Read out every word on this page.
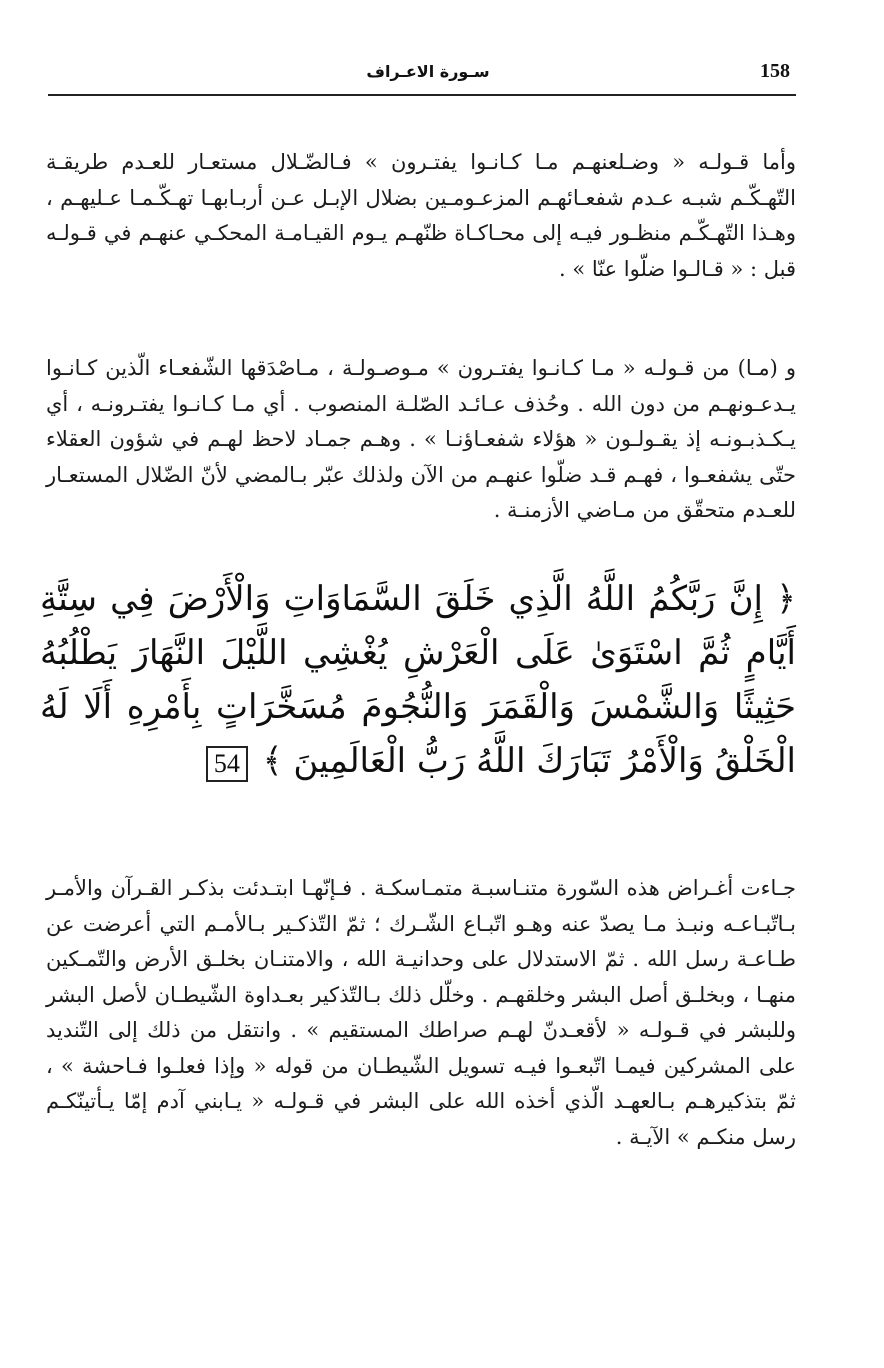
158
سـورة الاعـراف

وأما قـولـه « وضـلعنهـم مـا كـانـوا يفتـرون » فـالضّـلال مستعـار للعـدم طريقـة التّهـكّـم شبـه عـدم شفعـائهـم المزعـومـين بضلال الإبـل عـن أربـابهـا تهـكّـمـا عـليهـم ، وهـذا التّهـكّـم منظـور فيـه إلى محـاكـاة ظنّهـم يـوم القيـامـة المحكـي عنهـم في قـولـه قبل : « قـالـوا ضلّوا عنّا » .

و (مـا) من قـولـه « مـا كـانـوا يفتـرون » مـوصـولـة ، مـاصْدَقها الشّفعـاء الّذين كـانـوا يـدعـونهـم من دون الله . وحُذف عـائـد الصّلـة المنصوب . أي مـا كـانـوا يفتـرونـه ، أي يـكـذبـونـه إذ يقـولـون « هؤلاء شفعـاؤنـا » . وهـم جمـاد لاحظ لهـم في شؤون العقلاء حتّى يشفعـوا ، فهـم قـد ضلّوا عنهـم من الآن ولذلك عبّر بـالمضي لأنّ الضّلال المستعـار للعـدم متحقّق من مـاضي الأزمنـة .

﴿ إِنَّ رَبَّكُمُ اللَّهُ الَّذِي خَلَقَ السَّمَاوَاتِ وَالْأَرْضَ فِي سِتَّةِ أَيَّامٍ ثُمَّ اسْتَوَىٰ عَلَى الْعَرْشِ يُغْشِي اللَّيْلَ النَّهَارَ يَطْلُبُهُ حَثِيثًا وَالشَّمْسَ وَالْقَمَرَ وَالنُّجُومَ مُسَخَّرَاتٍ بِأَمْرِهِ أَلَا لَهُ الْخَلْقُ وَالْأَمْرُ تَبَارَكَ اللَّهُ رَبُّ الْعَالَمِينَ ﴾ 54

جـاءت أغـراض هذه السّورة متنـاسبـة متمـاسكـة . فـإنّهـا ابتـدئت بذكـر القـرآن والأمـر بـاتّبـاعـه ونبـذ مـا يصدّ عنه وهـو اتّبـاع الشّـرك ؛ ثمّ التّذكـير بـالأمـم التي أعرضت عن طـاعـة رسل الله . ثمّ الاستدلال على وحدانيـة الله ، والامتنـان بخلـق الأرض والتّمـكين منهـا ، وبخلـق أصل البشر وخلقهـم . وخلّل ذلك بـالتّذكير بعـداوة الشّيطـان لأصل البشر وللبشر في قـولـه « لأقعـدنّ لهـم صراطك المستقيم » . وانتقل من ذلك إلى التّنديد على المشركين فيمـا اتّبعـوا فيـه تسويل الشّيطـان من قوله « وإذا فعلـوا فـاحشة » ، ثمّ بتذكيرهـم بـالعهـد الّذي أخذه الله على البشر في قـولـه « يـابني آدم إمّا يـأتينّكـم رسل منكـم » الآيـة .
